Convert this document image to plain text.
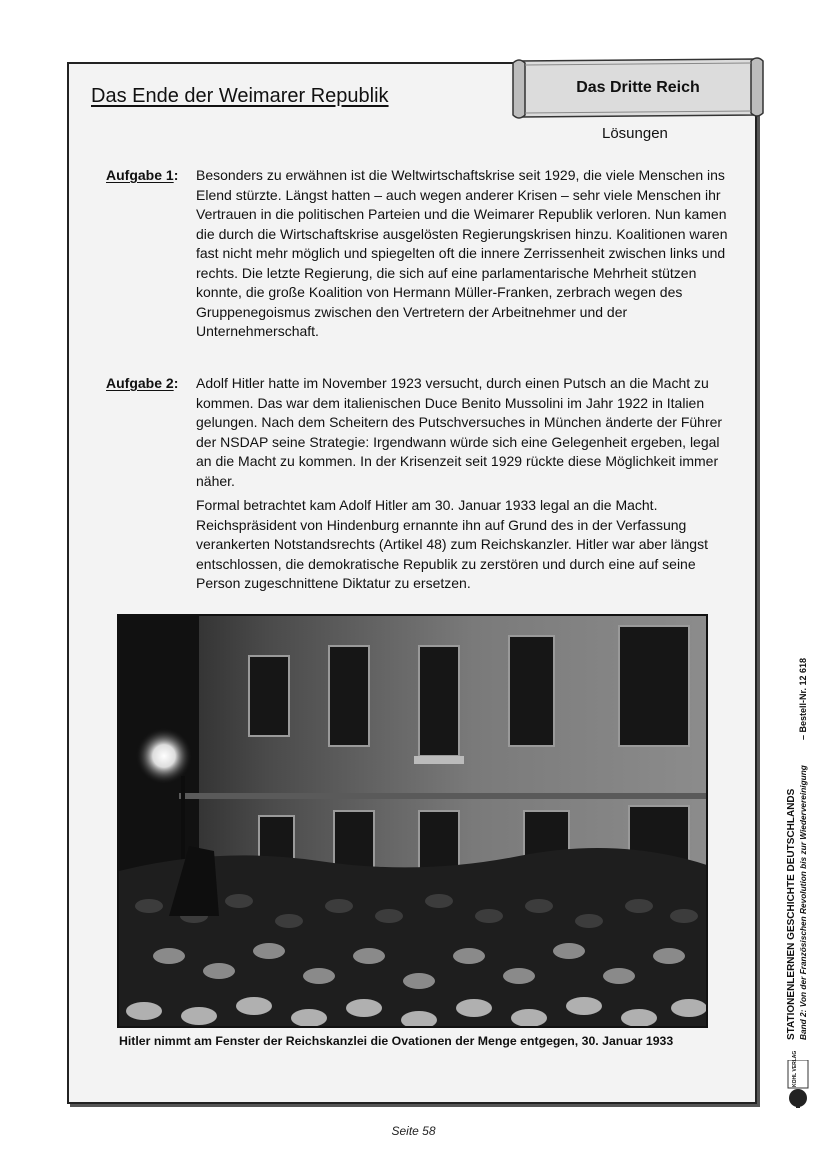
Das Ende der Weimarer Republik	Das Dritte Reich
Lösungen
Aufgabe 1: Besonders zu erwähnen ist die Weltwirtschaftskrise seit 1929, die viele Menschen ins Elend stürzte. Längst hatten – auch wegen anderer Krisen – sehr viele Menschen ihr Vertrauen in die politischen Parteien und die Weimarer Republik verloren. Nun kamen die durch die Wirtschaftskrise ausgelösten Regierungskrisen hinzu. Koalitionen waren fast nicht mehr möglich und spiegelten oft die innere Zerrissenheit zwischen links und rechts. Die letzte Regierung, die sich auf eine parlamentarische Mehrheit stützen konnte, die große Koalition von Hermann Müller-Franken, zerbrach wegen des Gruppenegoismus zwischen den Vertretern der Arbeitnehmer und der Unternehmerschaft.

Aufgabe 2: Adolf Hitler hatte im November 1923 versucht, durch einen Putsch an die Macht zu kommen. Das war dem italienischen Duce Benito Mussolini im Jahr 1922 in Italien gelungen. Nach dem Scheitern des Putschversuches in München änderte der Führer der NSDAP seine Strategie: Irgendwann würde sich eine Gelegenheit ergeben, legal an die Macht zu kommen. In der Krisenzeit seit 1929 rückte diese Möglichkeit immer näher.

Formal betrachtet kam Adolf Hitler am 30. Januar 1933 legal an die Macht. Reichspräsident von Hindenburg ernannte ihn auf Grund des in der Verfassung verankerten Notstandsrechts (Artikel 48) zum Reichskanzler. Hitler war aber längst entschlossen, die demokratische Republik zu zerstören und durch eine auf seine Person zugeschnittene Diktatur zu ersetzen.

Hitler nimmt am Fenster der Reichskanzlei die Ovationen der Menge entgegen, 30. Januar 1933
Seite 58
STATIONENLERNEN GESCHICHTE DEUTSCHLANDS Band 2: Von der Französischen Revolution bis zur Wiedervereinigung
– Bestell-Nr. 12 618
KOHL VERLAG
